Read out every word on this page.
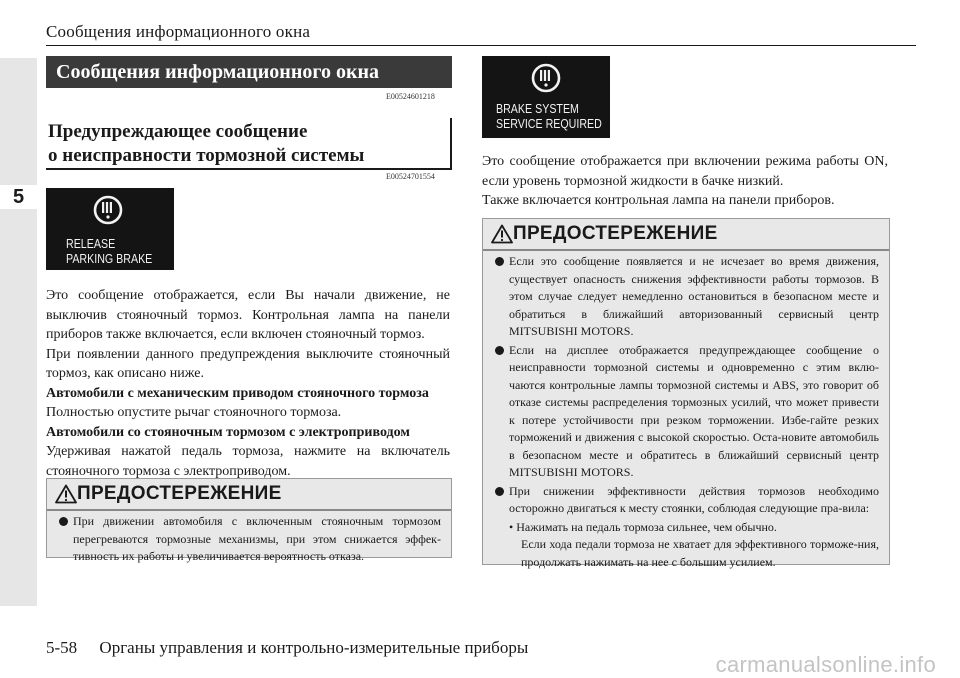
Сообщения информационного окна
5
Сообщения информационного окна
E00524601218
Предупреждающее сообщение
о неисправности тормозной системы
E00524701554
RELEASE
PARKING BRAKE

Это сообщение отображается, если Вы начали движение, не выключив стояночный тормоз. Контрольная лампа на панели приборов также включается, если включен стояночный тормоз.

При появлении данного предупреждения выключите стояночный тормоз, как описано ниже.

Автомобили с механическим приводом стояночного тормоза

Полностью опустите рычаг стояночного тормоза.

Автомобили со стояночным тормозом с электроприводом

Удерживая нажатой педаль тормоза, нажмите на включатель стояночного тормоза с электроприводом.

ПРЕДОСТЕРЕЖЕНИЕ
При движении автомобиля с включенным стояночным тормозом перегреваются тормозные механизмы, при этом снижается эффек-тивность их работы и увеличивается вероятность отказа.
BRAKE SYSTEM
SERVICE REQUIRED

Это сообщение отображается при включении режима работы ON, если уровень тормозной жидкости в бачке низкий.

Также включается контрольная лампа на панели приборов.

ПРЕДОСТЕРЕЖЕНИЕ
Если это сообщение появляется и не исчезает во время движения, существует опасность снижения эффективности работы тормозов. В этом случае следует немедленно остановиться в безопасном месте и обратиться в ближайший авторизованный сервисный центр MITSUBISHI MOTORS.
Если на дисплее отображается предупреждающее сообщение о неисправности тормозной системы и одновременно с этим вклю-чаются контрольные лампы тормозной системы и ABS, это говорит об отказе системы распределения тормозных усилий, что может привести к потере устойчивости при резком торможении. Избе-гайте резких торможений и движения с высокой скоростью. Оста-новите автомобиль в безопасном месте и обратитесь в ближайший сервисный центр MITSUBISHI MOTORS.
При снижении эффективности действия тормозов необходимо осторожно двигаться к месту стоянки, соблюдая следующие пра-вила:
• Нажимать на педаль тормоза сильнее, чем обычно.
Если хода педали тормоза не хватает для эффективного торможе-ния, продолжать нажимать на нее с большим усилием.
5-58 Органы управления и контрольно-измерительные приборы
carmanualsonline.info
